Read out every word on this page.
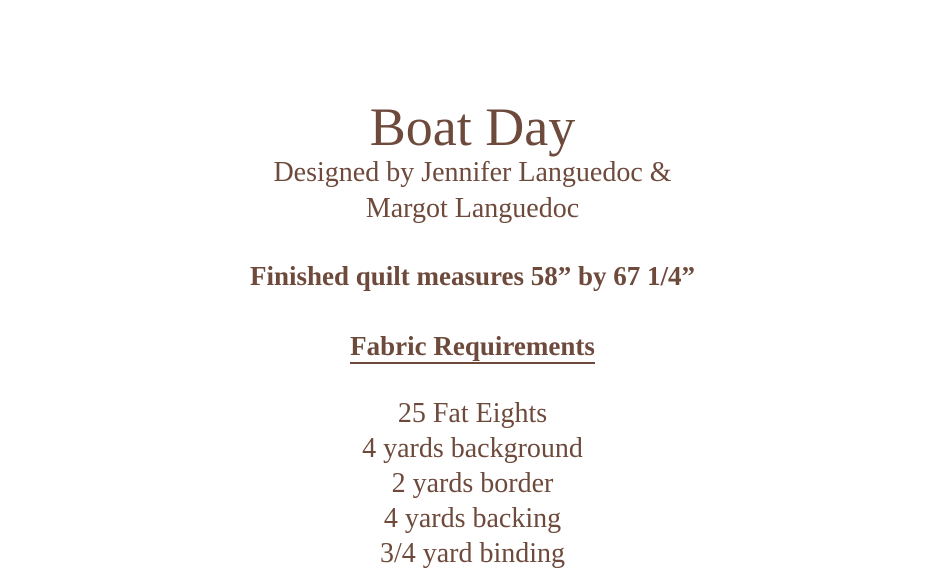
Boat Day

Designed by Jennifer Languedoc &
Margot Languedoc

Finished quilt measures 58” by 67 1/4”

Fabric Requirements

25 Fat Eights
4 yards background
2 yards border
4 yards backing
3/4 yard binding
